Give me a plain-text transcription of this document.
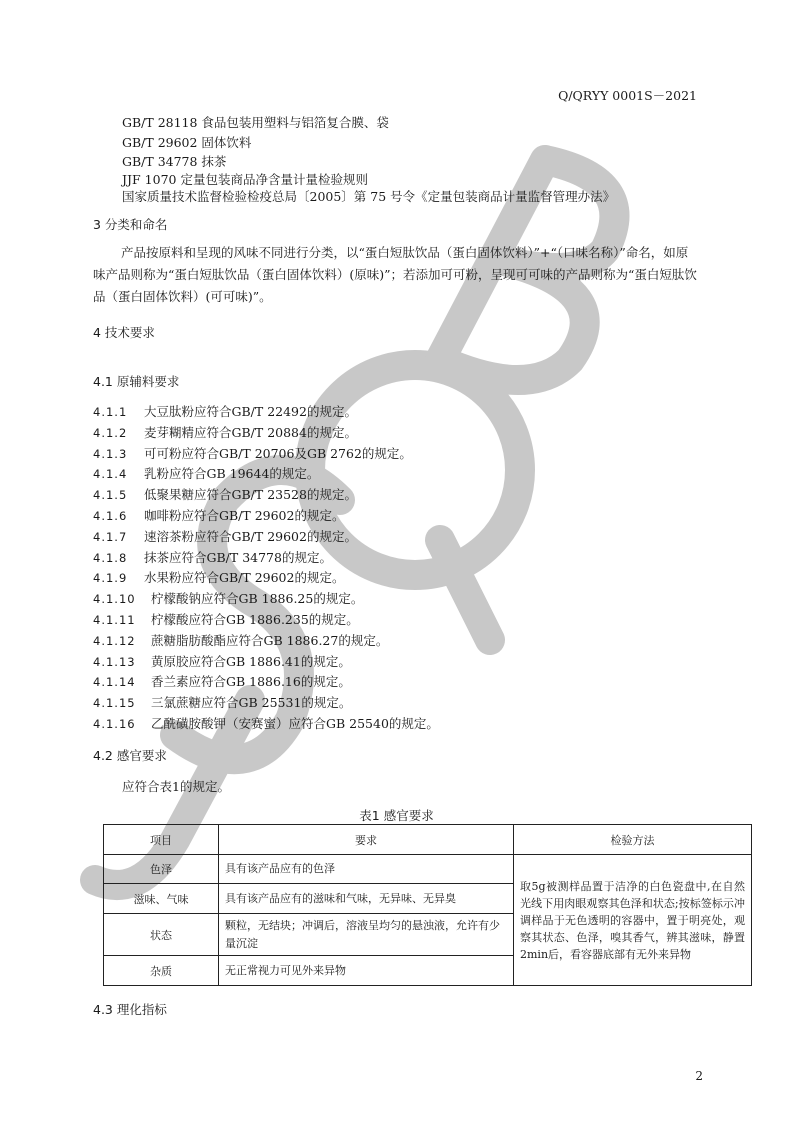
Q/QRYY 0001S－2021
GB/T 28118 食品包装用塑料与铝箔复合膜、袋
GB/T 29602 固体饮料
GB/T 34778 抹茶
JJF 1070 定量包装商品净含量计量检验规则
国家质量技术监督检验检疫总局〔2005〕第 75 号令《定量包装商品计量监督管理办法》
3 分类和命名
产品按原料和呈现的风味不同进行分类，以“蛋白短肽饮品（蛋白固体饮料）”+“（口味名称）”命名，如原味产品则称为“蛋白短肽饮品（蛋白固体饮料）(原味)”；若添加可可粉，呈现可可味的产品则称为“蛋白短肽饮品（蛋白固体饮料）(可可味)”。
4 技术要求
4.1 原辅料要求
4.1.1 大豆肽粉应符合GB/T 22492的规定。
4.1.2 麦芽糊精应符合GB/T 20884的规定。
4.1.3 可可粉应符合GB/T 20706及GB 2762的规定。
4.1.4 乳粉应符合GB 19644的规定。
4.1.5 低聚果糖应符合GB/T 23528的规定。
4.1.6 咖啡粉应符合GB/T 29602的规定。
4.1.7 速溶茶粉应符合GB/T 29602的规定。
4.1.8 抹茶应符合GB/T 34778的规定。
4.1.9 水果粉应符合GB/T 29602的规定。
4.1.10 柠檬酸钠应符合GB 1886.25的规定。
4.1.11 柠檬酸应符合GB 1886.235的规定。
4.1.12 蔗糖脂肪酸酯应符合GB 1886.27的规定。
4.1.13 黄原胶应符合GB 1886.41的规定。
4.1.14 香兰素应符合GB 1886.16的规定。
4.1.15 三氯蔗糖应符合GB 25531的规定。
4.1.16 乙酰磺胺酸钾（安赛蜜）应符合GB 25540的规定。
4.2 感官要求
应符合表1的规定。
表1 感官要求
项目	要求	检验方法
色泽	具有该产品应有的色泽	取5g被测样品置于洁净的白色瓷盘中,在自然光线下用肉眼观察其色泽和状态;按标签标示冲调样品于无色透明的容器中，置于明亮处，观察其状态、色泽，嗅其香气，辨其滋味，静置2min后，看容器底部有无外来异物
滋味、气味	具有该产品应有的滋味和气味，无异味、无异臭	
状态	颗粒，无结块；冲调后，溶液呈均匀的悬浊液，允许有少量沉淀	
杂质	无正常视力可见外来异物	
4.3 理化指标
2
